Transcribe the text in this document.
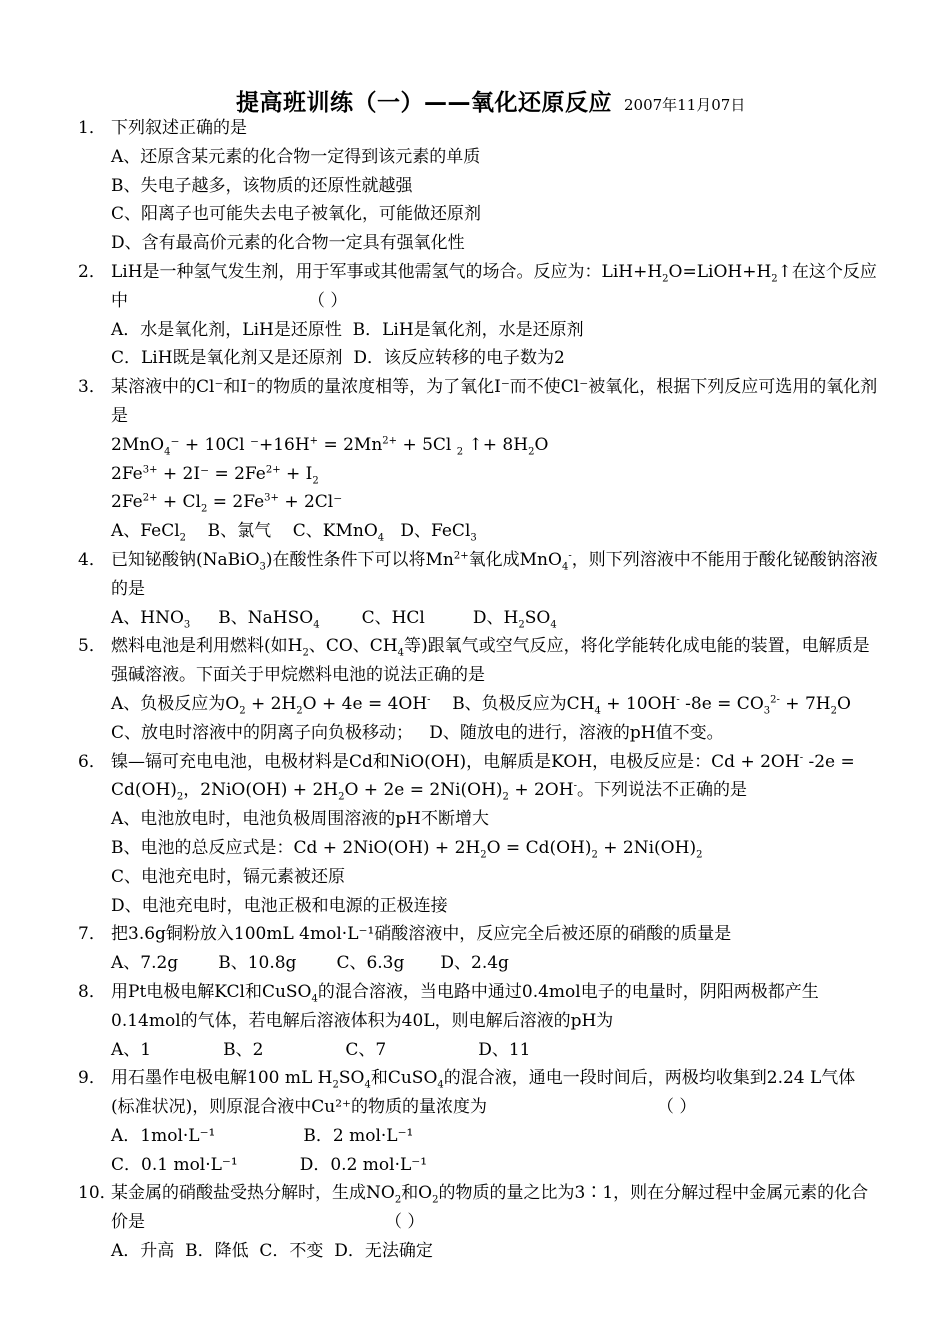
提高班训练（一）——氧化还原反应 2007年11月07日

1． 下列叙述正确的是

A、还原含某元素的化合物一定得到该元素的单质

B、失电子越多，该物质的还原性就越强

C、阳离子也可能失去电子被氧化，可能做还原剂

D、含有最高价元素的化合物一定具有强氧化性

2． LiH是一种氢气发生剂，用于军事或其他需氢气的场合。反应为：$LiH+H_2O=LiOH+H_2↑$在这个反应中	（ ）

A．水是氧化剂，LiH是还原性 B．LiH是氧化剂，水是还原剂

C．LiH既是氧化剂又是还原剂 D．该反应转移的电子数为2

3． 某溶液中的Cl⁻和I⁻的物质的量浓度相等，为了氧化I⁻而不使Cl⁻被氧化，根据下列反应可选用的氧化剂是

2MnO$_4$⁻ + 10Cl $^-+16H^+ = 2Mn^{2+} + 5Cl$ $_2$ ↑+ $8H_2O$

$2Fe^{3+} + 2I^- = 2Fe^{2+} + I_2$

$2Fe^{2+} + Cl_2 = 2Fe^{3+} + 2Cl^-$

A、FeCl$_2$ B、氯气 C、KMnO$_4$ D、FeCl$_3$

4． 已知铋酸钠(NaBiO$_3$)在酸性条件下可以将$Mn^{2+}$氧化成MnO$_4$-，则下列溶液中不能用于酸化铋酸钠溶液的是

A、$HNO_3$ B、NaHSO$_4$ C、HCl	D、$H_2SO_4$

5． 燃料电池是利用燃料(如$H_2$、CO、$CH_4$等)跟氧气或空气反应，将化学能转化成电能的装置，电解质是强碱溶液。下面关于甲烷燃料电池的说法正确的是

A、负极反应为$O_2 + 2H_2O + 4e = 4OH^-$ B、负极反应为$CH_4 + 10OH^-$ $-8e = CO_3^{2-} + 7H_2O$

C、放电时溶液中的阴离子向负极移动； D、随放电的进行，溶液的pH值不变。

6． 镍—镉可充电电池，电极材料是Cd和NiO(OH)，电解质是KOH，电极反应是：Cd + 2OH- $-2e = Cd(OH)_2$，$2NiO(OH) + 2H_2O + 2e = 2Ni(OH)_2 + 2OH^-$。下列说法不正确的是

A、电池放电时，电池负极周围溶液的pH不断增大

B、电池的总反应式是：$Cd + 2NiO(OH) + 2H_2O = Cd(OH)_2 + 2Ni(OH)_2$

C、电池充电时，镉元素被还原

D、电池充电时，电池正极和电源的正极连接

7． 把3.6g铜粉放入100mL 4mol·L⁻¹硝酸溶液中，反应完全后被还原的硝酸的质量是

A、7.2g B、10.8g C、6.3g D、2.4g

8． 用Pt电极电解KCl和CuSO$_4$的混合溶液，当电路中通过0.4mol电子的电量时，阴阳两极都产生0.14mol的气体，若电解后溶液体积为40L，则电解后溶液的pH为

A、1	B、2	C、7	D、11

9． 用石墨作电极电解100 mL $H_2SO_4$和CuSO$_4$的混合液，通电一段时间后，两极均收集到2.24 L气体(标准状况)，则原混合液中Cu²⁺的物质的量浓度为	（ ）

A．1mol·L⁻¹	B．2 mol·L⁻¹

C．0.1 mol·L⁻¹	D．0.2 mol·L⁻¹

10．某金属的硝酸盐受热分解时，生成$NO_2$和$O_2$的物质的量之比为3∶1，则在分解过程中金属元素的化合价是	（ ）

A．升高 B．降低 C．不变 D．无法确定
